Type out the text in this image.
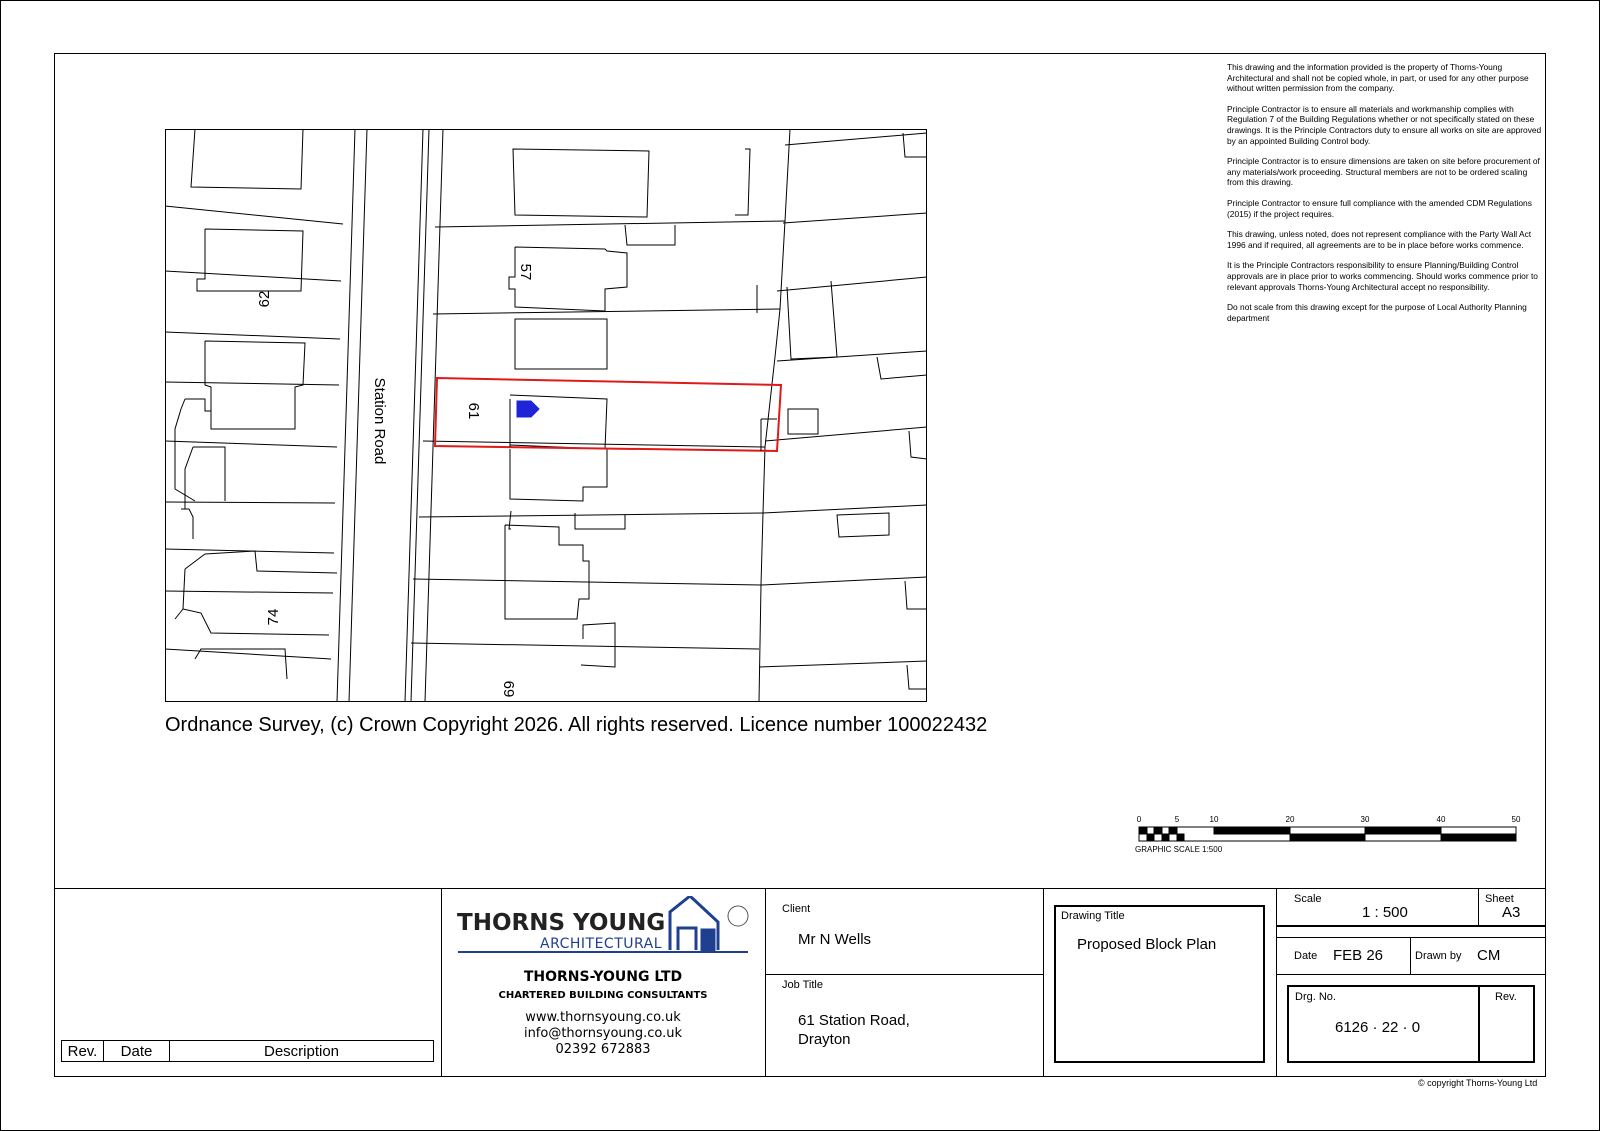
Station Road
62
57
61
74
69
Ordnance Survey, (c) Crown Copyright 2026. All rights reserved. Licence number 100022432

This drawing and the information provided is the property of Thorns-Young Architectural and shall not be copied whole, in part, or used for any other purpose without written permission from the company.

Principle Contractor is to ensure all materials and workmanship complies with Regulation 7 of the Building Regulations whether or not specifically stated on these drawings. It is the Principle Contractors duty to ensure all works on site are approved by an appointed Building Control body.

Principle Contractor is to ensure dimensions are taken on site before procurement of any materials/work proceeding. Structural members are not to be ordered scaling from this drawing.

Principle Contractor to ensure full compliance with the amended CDM Regulations (2015) if the project requires.

This drawing, unless noted, does not represent compliance with the Party Wall Act 1996 and if required, all agreements are to be in place before works commence.

It is the Principle Contractors responsibility to ensure Planning/Building Control approvals are in place prior to works commencing. Should works commence prior to relevant approvals Thorns-Young Architectural accept no responsibility.

Do not scale from this drawing except for the purpose of Local Authority Planning department

0	5	10	20	30	40	50
GRAPHIC SCALE 1:500
Rev.	Date	Description
THORNS YOUNG
ARCHITECTURAL
THORNS-YOUNG LTD
CHARTERED BUILDING CONSULTANTS
www.thornsyoung.co.uk
info@thornsyoung.co.uk
02392 672883
Client
Mr N Wells
Job Title
61 Station Road,
Drayton
Drawing Title
Proposed Block Plan
Scale
1 : 500
Sheet
A3
Date FEB 26	Drawn by CM
Drg. No.
6126 · 22 · 0
Rev.
© copyright Thorns-Young Ltd
